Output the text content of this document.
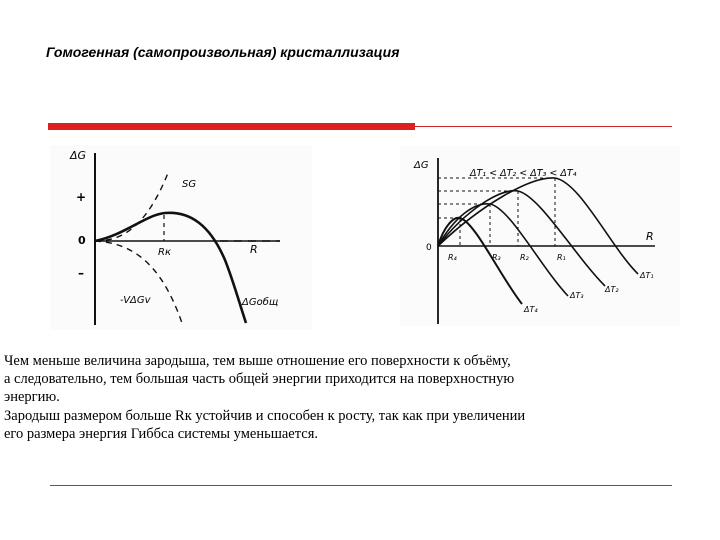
Гомогенная (самопроизвольная) кристаллизация
ΔG
+
0
–
R
Rк
SG
-VΔGv	ΔGобщ
ΔG
0
R
ΔT₁ < ΔT₂ < ΔT₃ < ΔT₄
R₄	R₃ R₂	R₁
ΔT₄
ΔT₃
ΔT₂
ΔT₁

Чем меньше величина зародыша, тем выше отношение его поверхности к объёму,

а следовательно, тем большая часть общей энергии приходится на поверхностную

энергию.

Зародыш размером больше Rк устойчив и способен к росту, так как при увеличении

его размера энергия Гиббса системы уменьшается.
